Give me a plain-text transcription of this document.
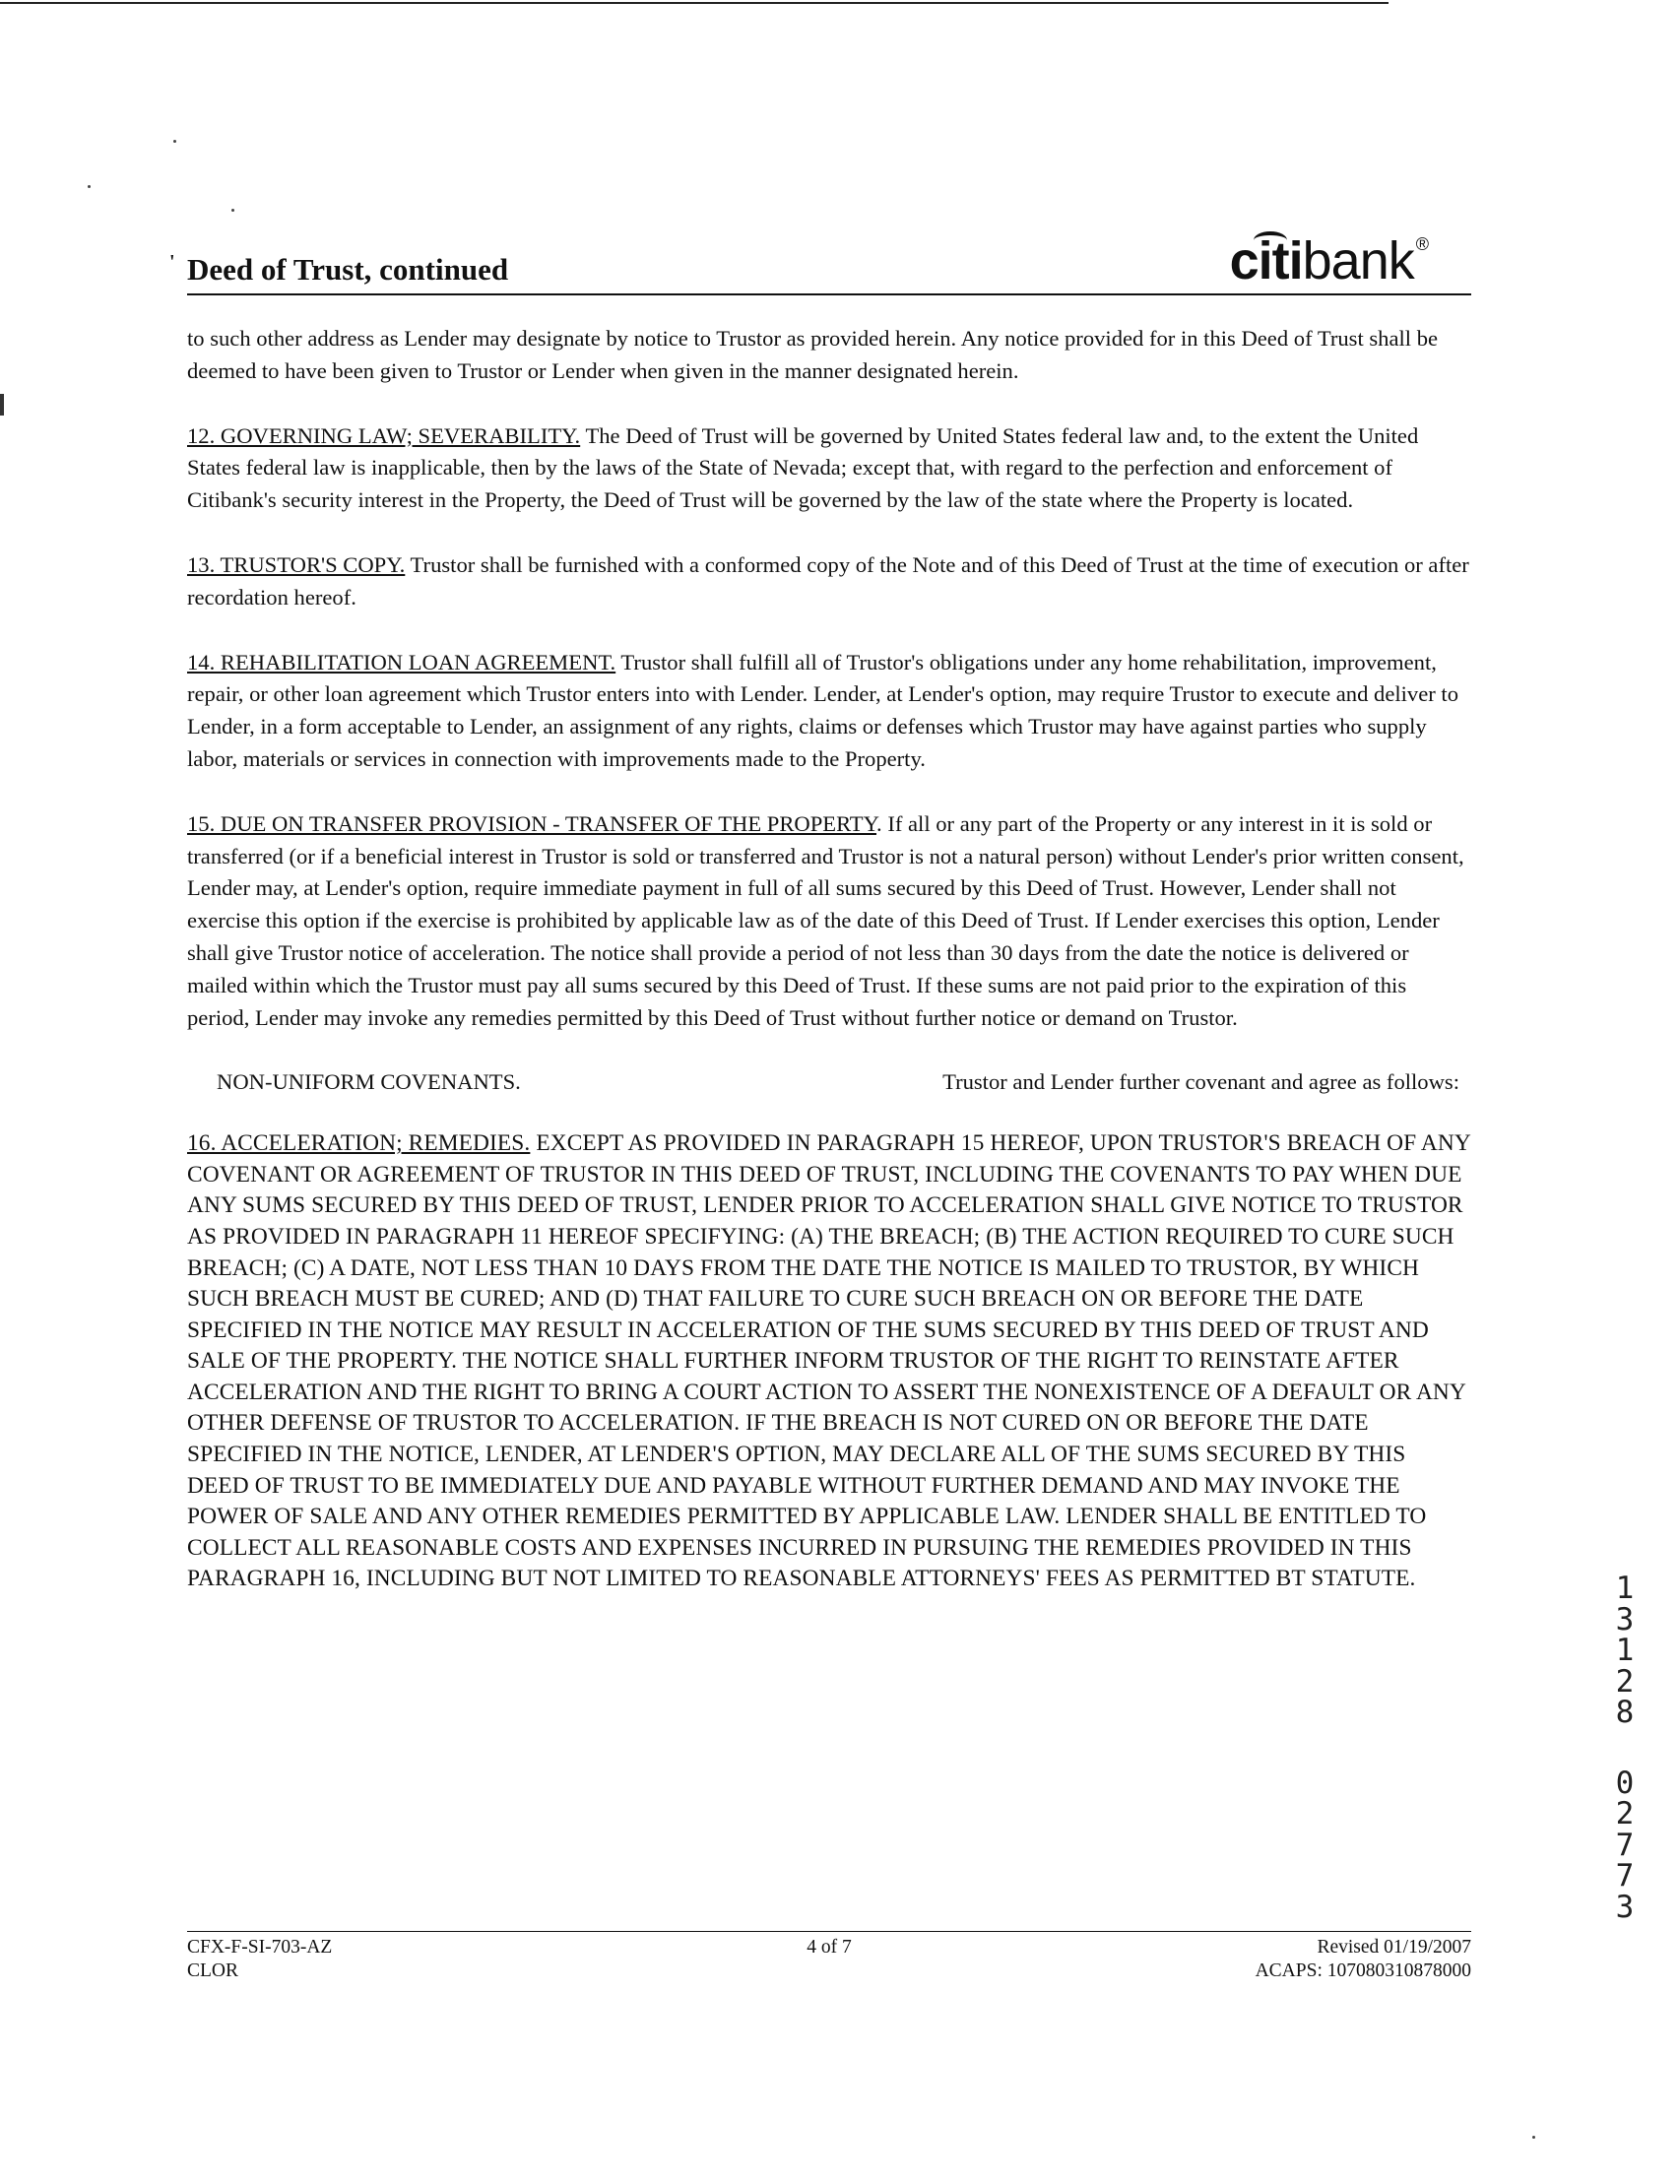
' Deed of Trust, continued	citibank ®

to such other address as Lender may designate by notice to Trustor as provided herein. Any notice provided for in this Deed of Trust shall be deemed to have been given to Trustor or Lender when given in the manner designated herein.

12. GOVERNING LAW; SEVERABILITY. The Deed of Trust will be governed by United States federal law and, to the extent the United States federal law is inapplicable, then by the laws of the State of Nevada; except that, with regard to the perfection and enforcement of Citibank's security interest in the Property, the Deed of Trust will be governed by the law of the state where the Property is located.

13. TRUSTOR'S COPY. Trustor shall be furnished with a conformed copy of the Note and of this Deed of Trust at the time of execution or after recordation hereof.

14. REHABILITATION LOAN AGREEMENT. Trustor shall fulfill all of Trustor's obligations under any home rehabilitation, improvement, repair, or other loan agreement which Trustor enters into with Lender. Lender, at Lender's option, may require Trustor to execute and deliver to Lender, in a form acceptable to Lender, an assignment of any rights, claims or defenses which Trustor may have against parties who supply labor, materials or services in connection with improvements made to the Property.

15. DUE ON TRANSFER PROVISION - TRANSFER OF THE PROPERTY. If all or any part of the Property or any interest in it is sold or transferred (or if a beneficial interest in Trustor is sold or transferred and Trustor is not a natural person) without Lender's prior written consent, Lender may, at Lender's option, require immediate payment in full of all sums secured by this Deed of Trust. However, Lender shall not exercise this option if the exercise is prohibited by applicable law as of the date of this Deed of Trust. If Lender exercises this option, Lender shall give Trustor notice of acceleration. The notice shall provide a period of not less than 30 days from the date the notice is delivered or mailed within which the Trustor must pay all sums secured by this Deed of Trust. If these sums are not paid prior to the expiration of this period, Lender may invoke any remedies permitted by this Deed of Trust without further notice or demand on Trustor.

NON-UNIFORM COVENANTS.	Trustor and Lender further covenant and agree as follows:

16. ACCELERATION; REMEDIES. EXCEPT AS PROVIDED IN PARAGRAPH 15 HEREOF, UPON TRUSTOR'S BREACH OF ANY COVENANT OR AGREEMENT OF TRUSTOR IN THIS DEED OF TRUST, INCLUDING THE COVENANTS TO PAY WHEN DUE ANY SUMS SECURED BY THIS DEED OF TRUST, LENDER PRIOR TO ACCELERATION SHALL GIVE NOTICE TO TRUSTOR AS PROVIDED IN PARAGRAPH 11 HEREOF SPECIFYING: (A) THE BREACH; (B) THE ACTION REQUIRED TO CURE SUCH BREACH; (C) A DATE, NOT LESS THAN 10 DAYS FROM THE DATE THE NOTICE IS MAILED TO TRUSTOR, BY WHICH SUCH BREACH MUST BE CURED; AND (D) THAT FAILURE TO CURE SUCH BREACH ON OR BEFORE THE DATE SPECIFIED IN THE NOTICE MAY RESULT IN ACCELERATION OF THE SUMS SECURED BY THIS DEED OF TRUST AND SALE OF THE PROPERTY. THE NOTICE SHALL FURTHER INFORM TRUSTOR OF THE RIGHT TO REINSTATE AFTER ACCELERATION AND THE RIGHT TO BRING A COURT ACTION TO ASSERT THE NONEXISTENCE OF A DEFAULT OR ANY OTHER DEFENSE OF TRUSTOR TO ACCELERATION. IF THE BREACH IS NOT CURED ON OR BEFORE THE DATE SPECIFIED IN THE NOTICE, LENDER, AT LENDER'S OPTION, MAY DECLARE ALL OF THE SUMS SECURED BY THIS DEED OF TRUST TO BE IMMEDIATELY DUE AND PAYABLE WITHOUT FURTHER DEMAND AND MAY INVOKE THE POWER OF SALE AND ANY OTHER REMEDIES PERMITTED BY APPLICABLE LAW. LENDER SHALL BE ENTITLED TO COLLECT ALL REASONABLE COSTS AND EXPENSES INCURRED IN PURSUING THE REMEDIES PROVIDED IN THIS PARAGRAPH 16, INCLUDING BUT NOT LIMITED TO REASONABLE ATTORNEYS' FEES AS PERMITTED BT STATUTE.	1
3
1
2
8
0
2
7
7
3
CFX-F-SI-703-AZ
CLOR
4 of 7	Revised 01/19/2007
ACAPS: 107080310878000
